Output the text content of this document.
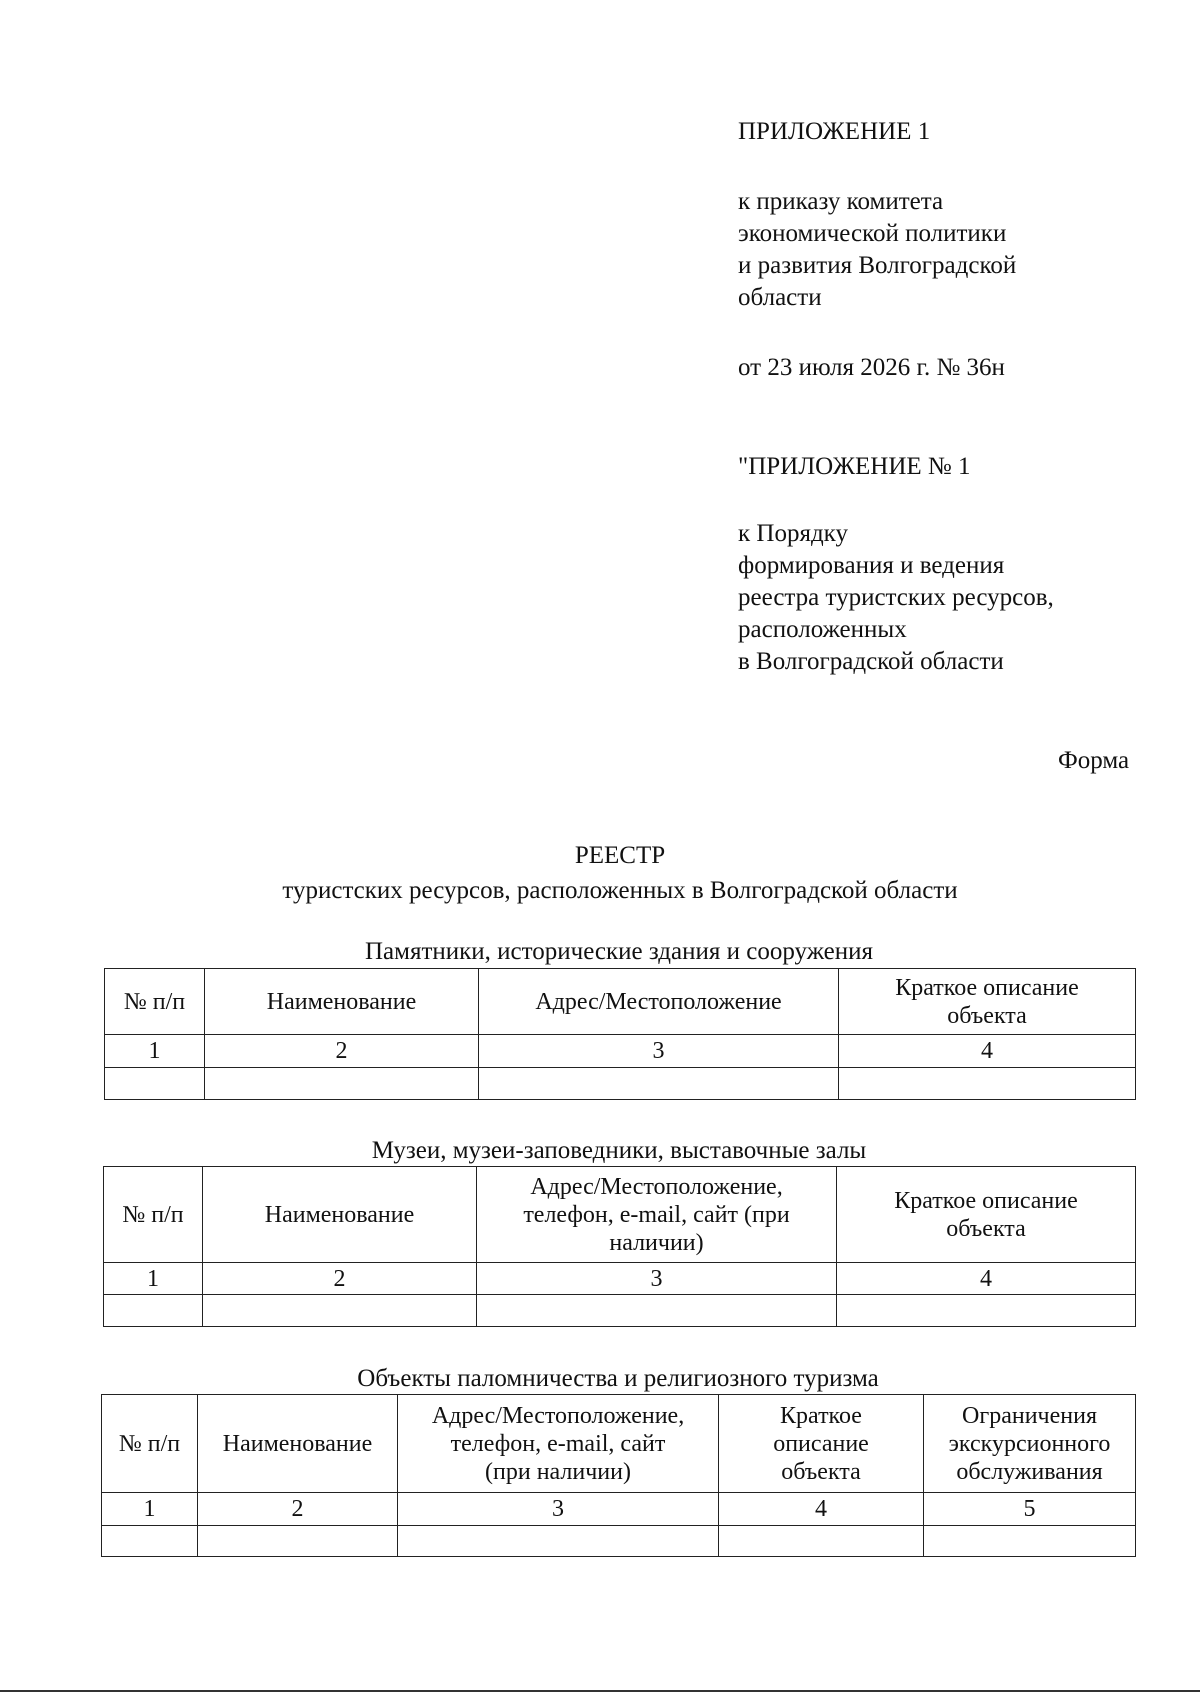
ПРИЛОЖЕНИЕ 1
к приказу комитета
экономической политики
и развития Волгоградской
области
от 23 июля 2026 г. № 36н
"ПРИЛОЖЕНИЕ № 1
к Порядку
формирования и ведения
реестра туристских ресурсов,
расположенных
в Волгоградской области
Форма
РЕЕСТР
туристских ресурсов, расположенных в Волгоградской области
Памятники, исторические здания и сооружения
№ п/п	Наименование	Адрес/Местоположение	Краткое описание
объекта

1	2	3	4

Музеи, музеи-заповедники, выставочные залы
№ п/п	Наименование	Адрес/Местоположение,
телефон, e-mail, сайт (при
наличии)	Краткое описание
объекта

1	2	3	4

Объекты паломничества и религиозного туризма
№ п/п	Наименование	Адрес/Местоположение,
телефон, e-mail, сайт
(при наличии)	Краткое
описание
объекта	Ограничения
экскурсионного
обслуживания

1	2	3	4	5
